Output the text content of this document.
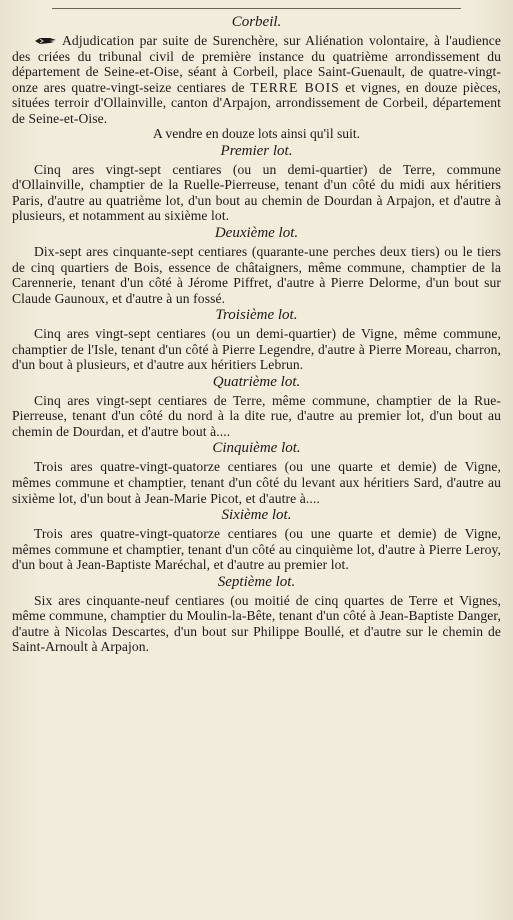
Corbeil.

Adjudication par suite de Surenchère, sur Aliénation volontaire, à l'audience des criées du tribunal civil de première instance du quatrième arrondissement du département de Seine-et-Oise, séant à Corbeil, place Saint-Guenault, de quatre-vingt-onze ares quatre-vingt-seize centiares de TERRE BOIS et vignes, en douze pièces, situées terroir d'Ollainville, canton d'Arpajon, arrondissement de Corbeil, département de Seine-et-Oise.

A vendre en douze lots ainsi qu'il suit.
Premier lot.

Cinq ares vingt-sept centiares (ou un demi-quartier) de Terre, commune d'Ollainville, champtier de la Ruelle-Pierreuse, tenant d'un côté du midi aux héritiers Paris, d'autre au quatrième lot, d'un bout au chemin de Dourdan à Arpajon, et d'autre à plusieurs, et notamment au sixième lot.

Deuxième lot.

Dix-sept ares cinquante-sept centiares (quarante-une perches deux tiers) ou le tiers de cinq quartiers de Bois, essence de châtaigners, même commune, champtier de la Carennerie, tenant d'un côté à Jérome Piffret, d'autre à Pierre Delorme, d'un bout sur Claude Gaunoux, et d'autre à un fossé.

Troisième lot.

Cinq ares vingt-sept centiares (ou un demi-quartier) de Vigne, même commune, champtier de l'Isle, tenant d'un côté à Pierre Legendre, d'autre à Pierre Moreau, charron, d'un bout à plusieurs, et d'autre aux héritiers Lebrun.

Quatrième lot.

Cinq ares vingt-sept centiares de Terre, même commune, champtier de la Rue-Pierreuse, tenant d'un côté du nord à la dite rue, d'autre au premier lot, d'un bout au chemin de Dourdan, et d'autre bout à....

Cinquième lot.

Trois ares quatre-vingt-quatorze centiares (ou une quarte et demie) de Vigne, mêmes commune et champtier, tenant d'un côté du levant aux héritiers Sard, d'autre au sixième lot, d'un bout à Jean-Marie Picot, et d'autre à....

Sixième lot.

Trois ares quatre-vingt-quatorze centiares (ou une quarte et demie) de Vigne, mêmes commune et champtier, tenant d'un côté au cinquième lot, d'autre à Pierre Leroy, d'un bout à Jean-Baptiste Maréchal, et d'autre au premier lot.

Septième lot.

Six ares cinquante-neuf centiares (ou moitié de cinq quartes de Terre et Vignes, même commune, champtier du Moulin-la-Bête, tenant d'un côté à Jean-Baptiste Danger, d'autre à Nicolas Descartes, d'un bout sur Philippe Boullé, et d'autre sur le chemin de Saint-Arnoult à Arpajon.
